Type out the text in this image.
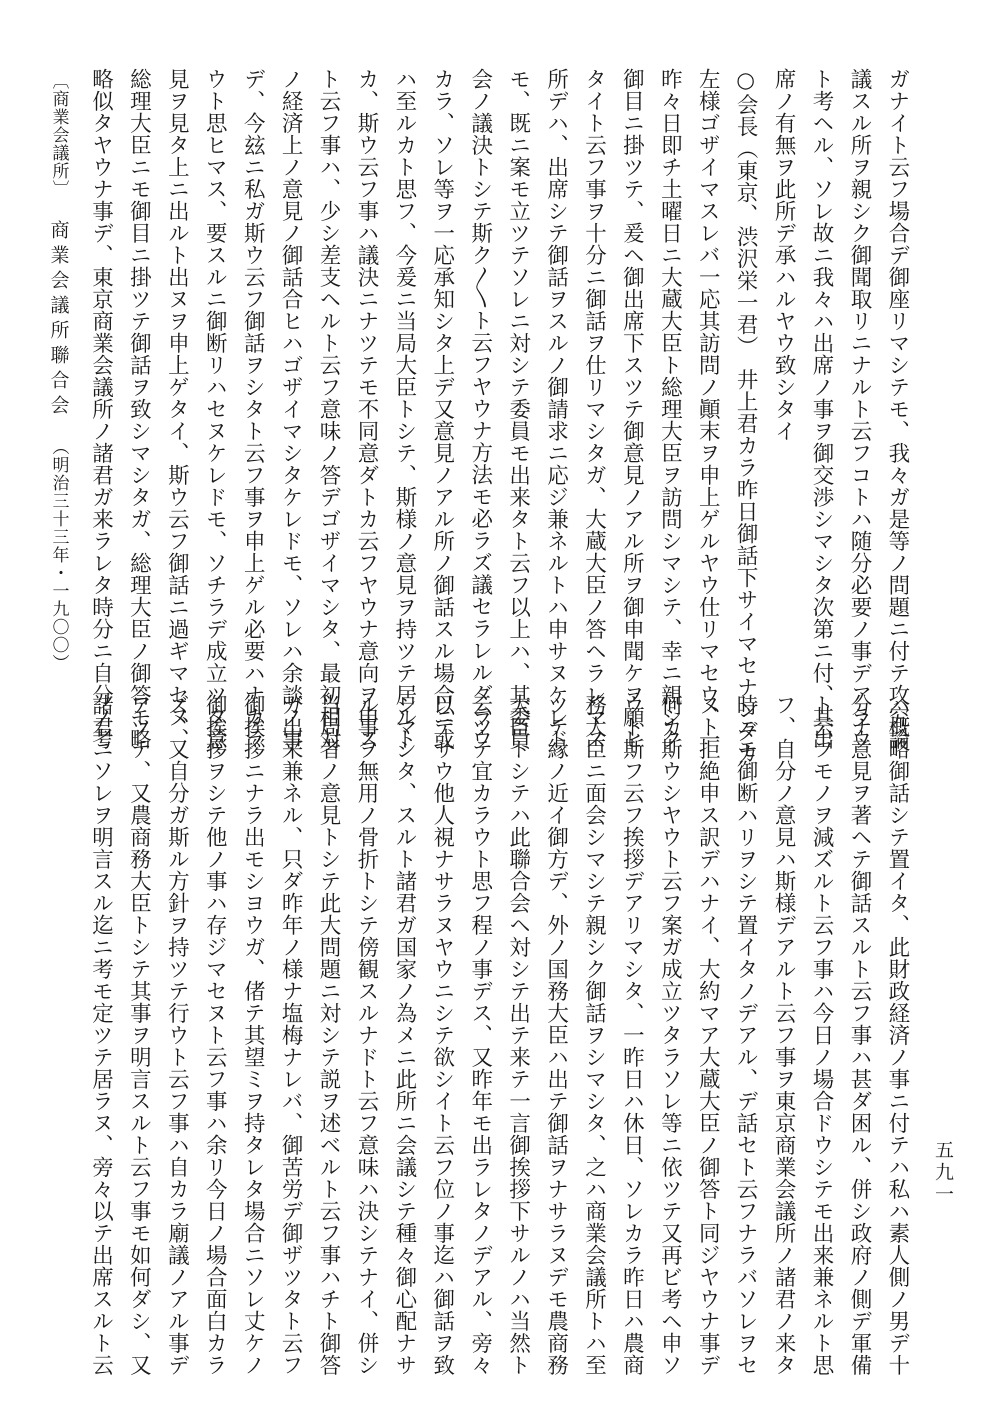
〔商業会議所〕
商業会議所聯合会
（明治三十三年・一九〇〇）	ガナイト云フ場合デ御座リマシテモ、我々ガ是等ノ問題ニ付テ攻究論
議スル所ヲ親シク御聞取リニナルト云フコトハ随分必要ノ事デアラウ
ト考ヘル、ソレ故ニ我々ハ出席ノ事ヲ御交渉シマシタ次第ニ付、其出
席ノ有無ヲ此所デ承ハルヤウ致シタイ
○会長（東京、渋沢栄一君）　井上君カラ昨日御話下サイマセナンダカ
左様ゴザイマスレバ一応其訪問ノ顚末ヲ申上ゲルヤウ仕リマセウ、一
昨々日即チ土曜日ニ大蔵大臣ト総理大臣ヲ訪問シマシテ、幸ニ親シク
御目ニ掛ツテ、爰ヘ御出席下スツテ御意見ノアル所ヲ御申聞ケヲ願ヒ
タイト云フ事ヲ十分ニ御話ヲ仕リマシタガ、大蔵大臣ノ答ヘラレマス
所デハ、出席シテ御話ヲスルノ御請求ニ応ジ兼ネルトハ申サヌケレド
モ、既ニ案モ立ツテソレニ対シテ委員モ出来タト云フ以上ハ、其委員
会ノ議決トシテ斯ク〳〵ト云フヤウナ方法モ必ラズ議セラレルダラウ
カラ、ソレ等ヲ一応承知シタ上デ又意見ノアル所ノ御話スル場合ニ或
ハ至ルカト思フ、今爰ニ当局大臣トシテ、斯様ノ意見ヲ持ツテ居ルト
カ、斯ウ云フ事ハ議決ニナツテモ不同意ダトカ云フヤウナ意向ヲ申ス
ト云フ事ハ、少シ差支ヘルト云フ意味ノ答デゴザイマシタ、最初相対
ノ経済上ノ意見ノ御話合ヒハゴザイマシタケレドモ、ソレハ余談ノ事
デ、今玆ニ私ガ斯ウ云フ御話ヲシタト云フ事ヲ申上ゲル必要ハナカラ
ウト思ヒマス、要スルニ御断リハセヌケレドモ、ソチラデ成立ツタ意
見ヲ見タ上ニ出ルト出ヌヲ申上ゲタイ、斯ウ云フ御話ニ過ギマセヌ、
総理大臣ニモ御目ニ掛ツテ御話ヲ致シマシタガ、総理大臣ノ御答モ略
略似タヤウナ事デ、東京商業会議所ノ諸君ガ来ラレタ時分ニ自分ノ考
ハ概略御話シテ置イタ、此財政経済ノ事ニ付テハ私ハ素人側ノ男デ十
分ナ意見ヲ著ヘテ御話スルト云フ事ハ甚ダ困ル、併シ政府ノ側デ軍備
ト云フモノヲ減ズルト云フ事ハ今日ノ場合ドウシテモ出来兼ネルト思
フ、自分ノ意見ハ斯様デアルト云フ事ヲ東京商業会議所ノ諸君ノ来タ
時ニモ御断ハリヲシテ置イタノデアル、デ話セト云フナラバソレヲセ
ヌト拒絶申ス訳デハナイ、大約マア大蔵大臣ノ御答ト同ジヤウナ事デ
何カ斯ウシヤウト云フ案ガ成立ツタラソレ等ニ依ツテ又再ビ考ヘ申ソ
ウト斯フ云フ挨拶デアリマシタ、一昨日ハ休日、ソレカラ昨日ハ農商
務大臣ニ面会シマシテ親シク御話ヲシマシタ、之ハ商業会議所トハ至
ツテ縁ノ近イ御方デ、外ノ国務大臣ハ出テ御話ヲナサラヌデモ農商務
大臣トシテハ此聯合会ヘ対シテ出テ来テ一言御挨拶下サルノハ当然ト
云ツテ宜カラウト思フ程ノ事デス、又昨年モ出ラレタノデアル、旁々
以テサウ他人視ナサラヌヤウニシテ欲シイト云フ位ノ事迄ハ御話ヲ致
シマシタ、スルト諸君ガ国家ノ為メニ此所ニ会議シテ種々御心配ナサ
ル事ヲ無用ノ骨折トシテ傍観スルナドト云フ意味ハ決シテナイ、併シ
当局者ノ意見トシテ此大問題ニ対シテ説ヲ述ベルト云フ事ハチト御答
ガ出来兼ネル、只ダ昨年ノ様ナ塩梅ナレバ、御苦労デ御ザツタト云フ
御挨拶ニナラ出モシヨウガ、偖テ其望ミヲ持タレタ場合ニソレ丈ケノ
御挨拶ヲシテ他ノ事ハ存ジマセヌト云フ事ハ余リ今日ノ場合面白カラ
ズ、又自分ガ斯ル方針ヲ持ツテ行ウト云フ事ハ自カラ廟議ノアル事デ
アツテ、又農商務大臣トシテ其事ヲ明言スルト云フ事モ如何ダシ、又
諸君ニソレヲ明言スル迄ニ考モ定ツテ居ラヌ、旁々以テ出席スルト云	五九一
